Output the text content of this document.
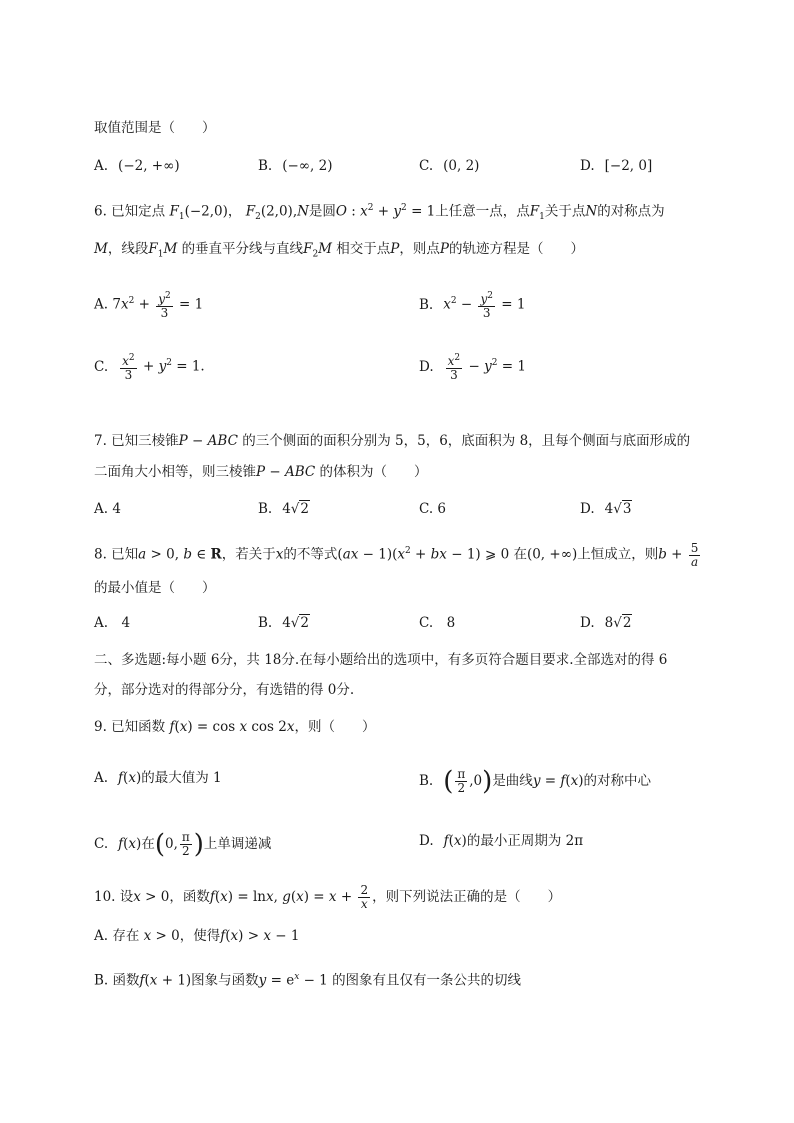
取值范围是（　　）
A. (−2, +∞)	B. (−∞, 2)	C. (0, 2)	D. [−2, 0]
6. 已知定点 $F_1(-2,0)$， $F_2(2,0),N$是圆O : $x^2 + y^2 = 1$上任意一点，点$F_1$关于点N的对称点为
M，线段$F_1M$ 的垂直平分线与直线$F_2M$ 相交于点P，则点P的轨迹方程是（　　）
A. $7x^2 + \frac{y^2}{3} = 1$	B. $x^2 - \frac{y^2}{3} = 1$
C. $\frac{x^2}{3} + y^2 = 1$.	D. $\frac{x^2}{3} - y^2 = 1$
7. 已知三棱锥P − ABC 的三个侧面的面积分别为 5，5，6，底面积为 8，且每个侧面与底面形成的
二面角大小相等，则三棱锥P − ABC 的体积为（　　）
A. 4	B. 4√2	C. 6	D. 4√3
8. 已知a > 0, b ∈ R，若关于x的不等式$(ax - 1)(x^2$ + bx − 1) ⩾ 0 在(0, +∞)上恒成立，则$b + \frac{5}{a}$
的最小值是（　　）
A.　4	B. 4√2	C.　8	D. 8√2
二、多选题:每小题 6分，共 18分.在每小题给出的选项中，有多页符合题目要求.全部选对的得 6
分，部分选对的得部分分，有选错的得 0分.
9. 已知函数 f(x) = cos x cos 2x，则（　　）
A. f(x)的最大值为 1	B. ( $\frac{\pi}{2} ,0$)是曲线y = f(x)的对称中心
C. f(x)在(0, $\frac{\pi}{2}$ )上单调递减	D. f(x)的最小正周期为 2π
10. 设x > 0，函数f(x) = lnx, $g(x) = x + \frac{2}{x}$ ，则下列说法正确的是（　　）
A. 存在 x > 0，使得f(x) > x − 1
B. 函数f(x + 1)图象与函数$y = e^x - 1$ 的图象有且仅有一条公共的切线
